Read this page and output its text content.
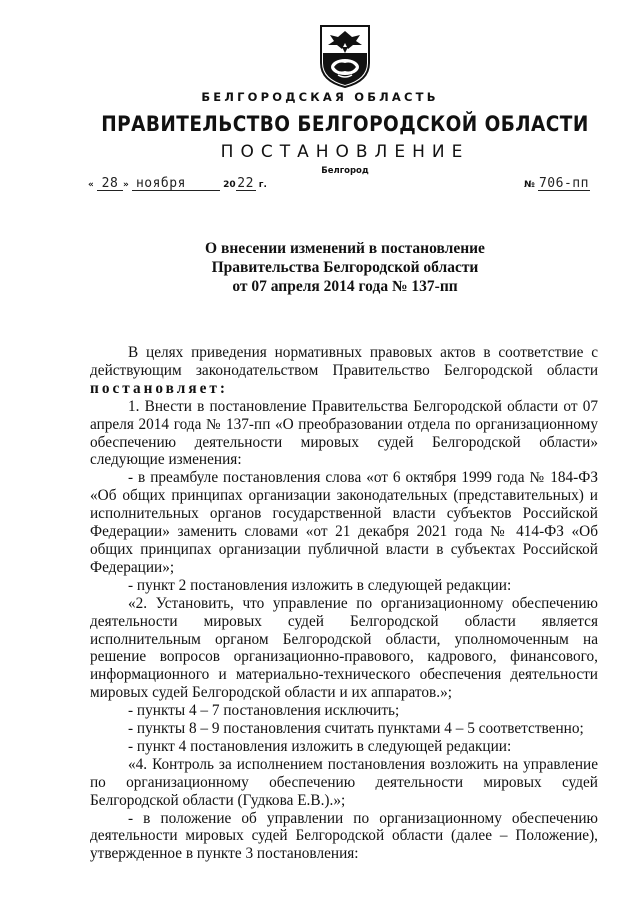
БЕЛГОРОДСКАЯ ОБЛАСТЬ
ПРАВИТЕЛЬСТВО БЕЛГОРОДСКОЙ ОБЛАСТИ
ПОСТАНОВЛЕНИЕ
Белгород
« 28 » ноября	20 22 г.	№ 706-пп
О внесении изменений в постановление
Правительства Белгородской области
от 07 апреля 2014 года № 137-пп

В целях приведения нормативных правовых актов в соответствие с действующим законодательством Правительство Белгородской области постановляет:

1. Внести в постановление Правительства Белгородской области от 07 апреля 2014 года № 137-пп «О преобразовании отдела по организационному обеспечению деятельности мировых судей Белгородской области» следующие изменения:

- в преамбуле постановления слова «от 6 октября 1999 года № 184-ФЗ «Об общих принципах организации законодательных (представительных) и исполнительных органов государственной власти субъектов Российской Федерации» заменить словами «от 21 декабря 2021 года № 414-ФЗ «Об общих принципах организации публичной власти в субъектах Российской Федерации»;

- пункт 2 постановления изложить в следующей редакции:

«2. Установить, что управление по организационному обеспечению деятельности мировых судей Белгородской области является исполнительным органом Белгородской области, уполномоченным на решение вопросов организационно-правового, кадрового, финансового, информационного и материально-технического обеспечения деятельности мировых судей Белгородской области и их аппаратов.»;

- пункты 4 – 7 постановления исключить;

- пункты 8 – 9 постановления считать пунктами 4 – 5 соответственно;

- пункт 4 постановления изложить в следующей редакции:

«4. Контроль за исполнением постановления возложить на управление по организационному обеспечению деятельности мировых судей Белгородской области (Гудкова Е.В.).»;

- в положение об управлении по организационному обеспечению деятельности мировых судей Белгородской области (далее – Положение), утвержденное в пункте 3 постановления:
